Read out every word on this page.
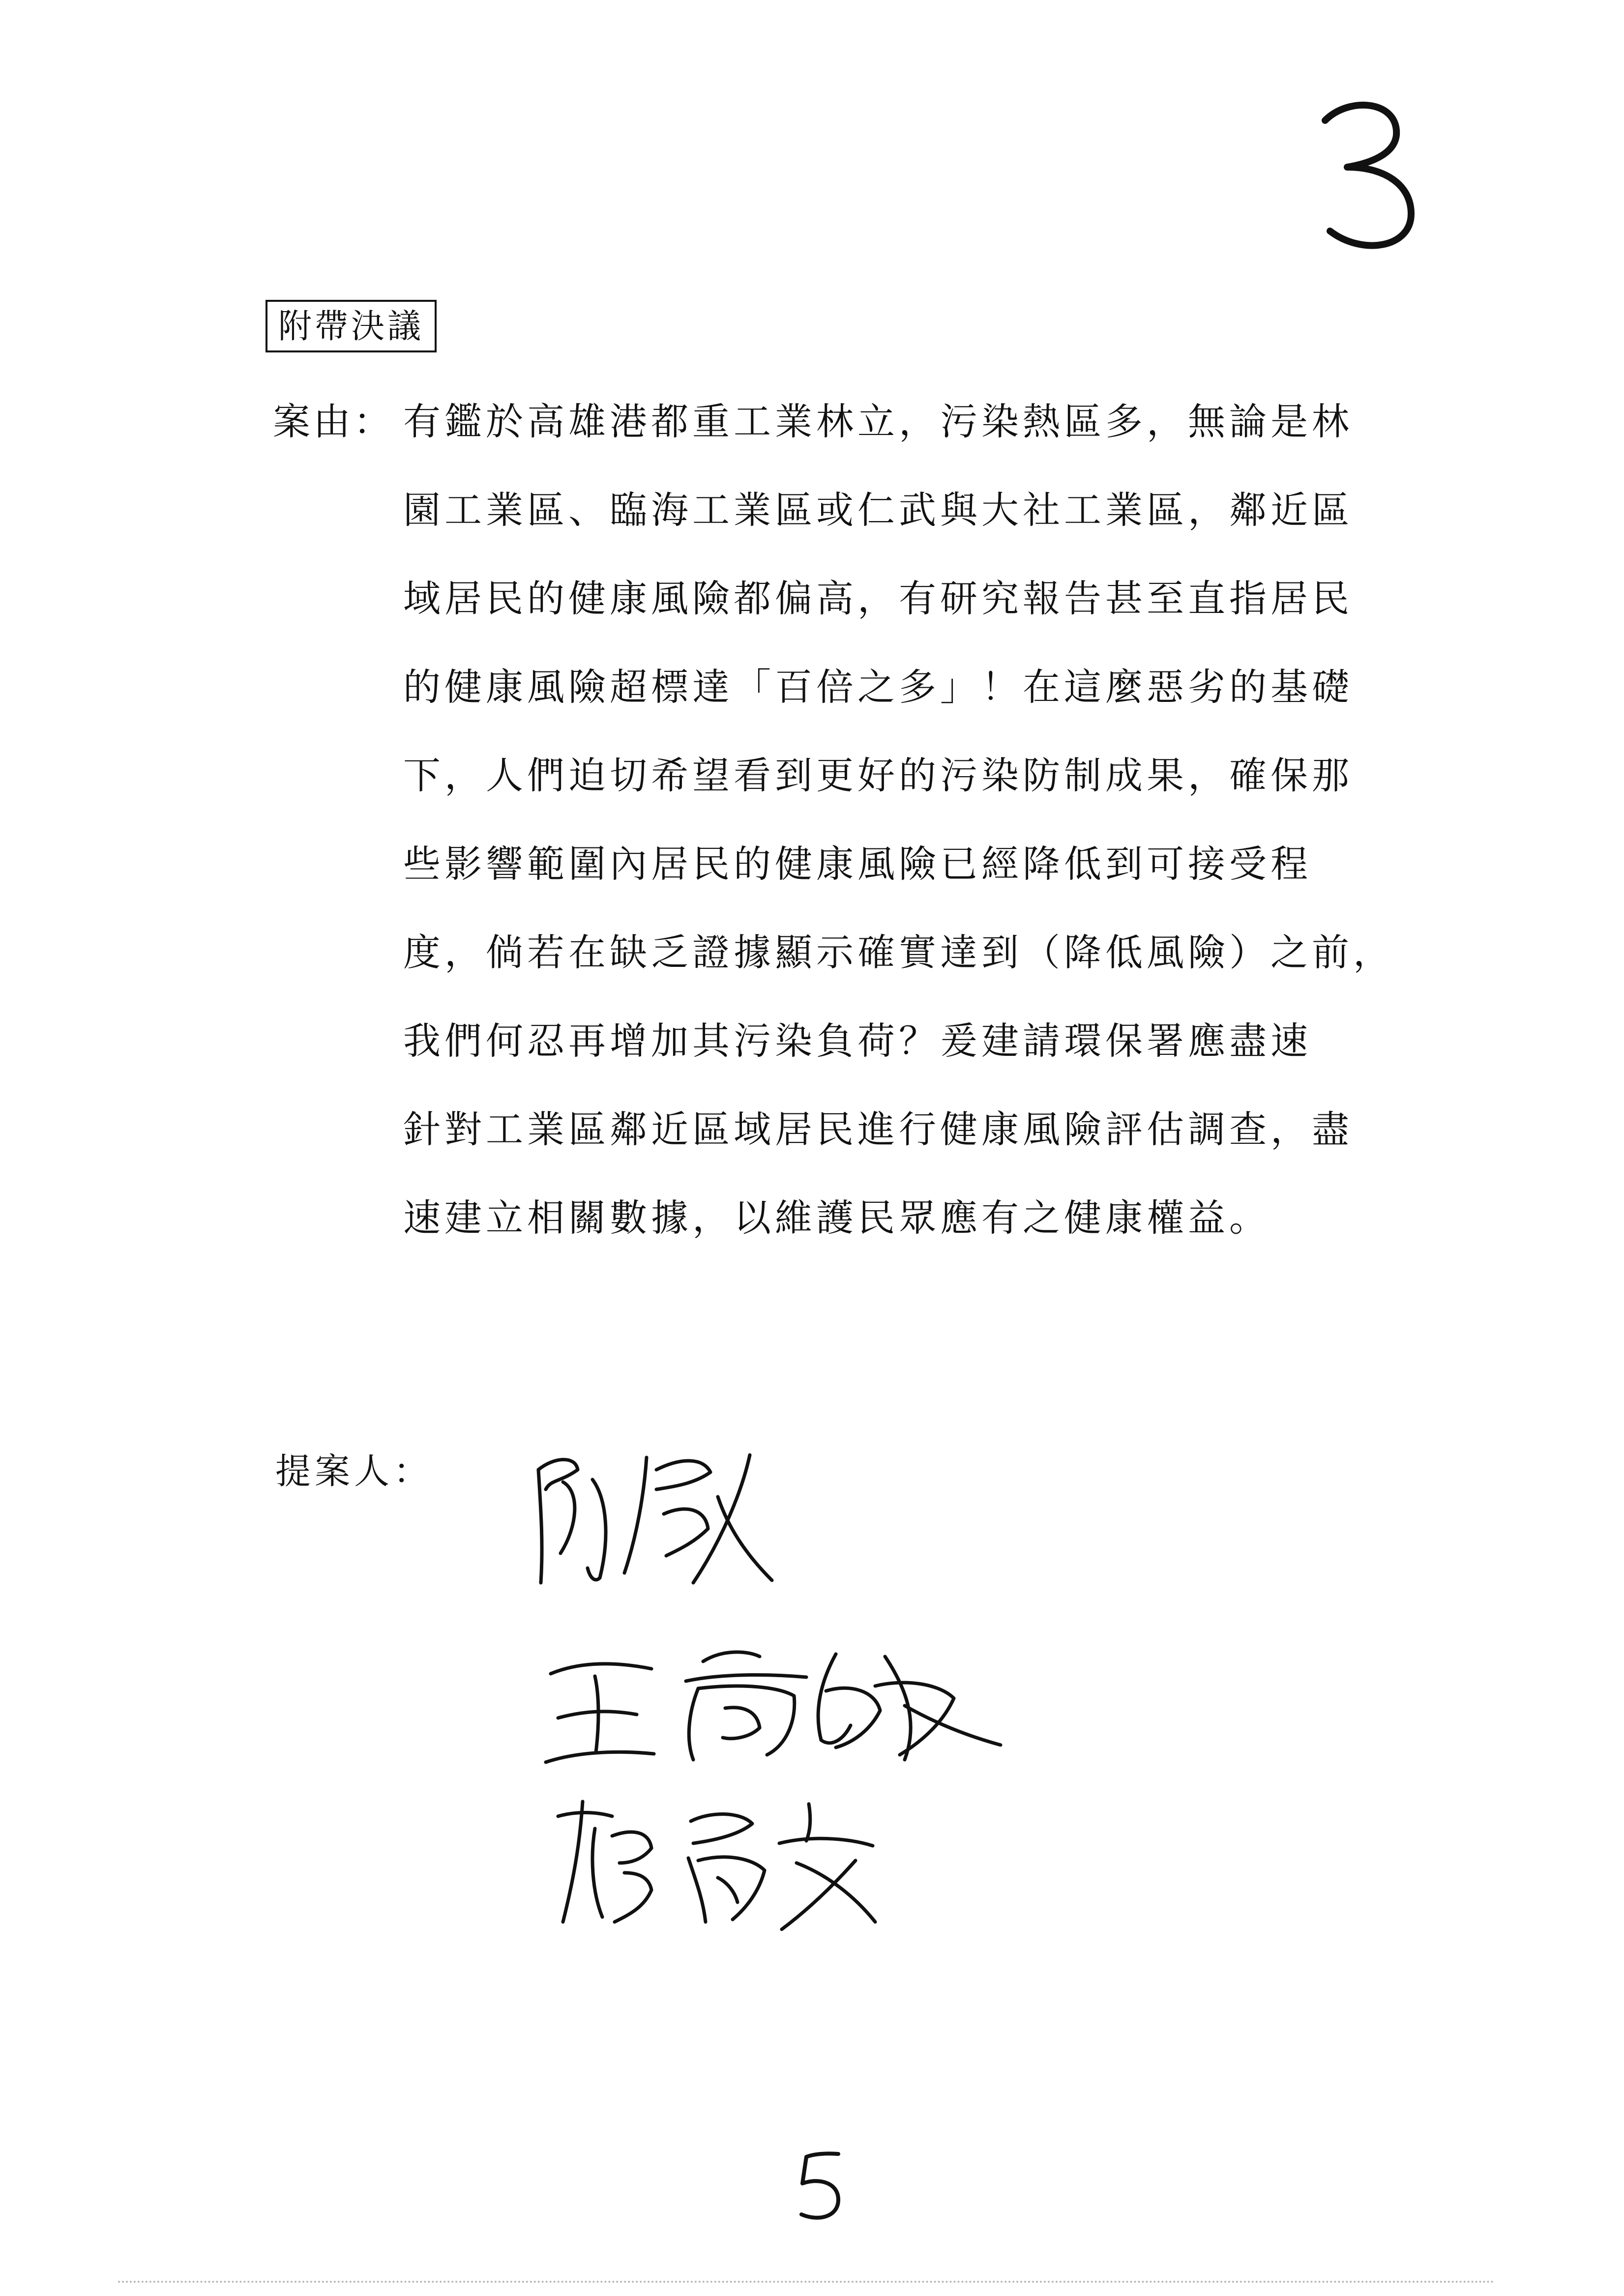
附帶決議
案由： 有鑑於高雄港都重工業林立，污染熱區多，無論是林
園工業區、臨海工業區或仁武與大社工業區，鄰近區
域居民的健康風險都偏高，有研究報告甚至直指居民
的健康風險超標達「百倍之多」！在這麼惡劣的基礎
下，人們迫切希望看到更好的污染防制成果，確保那
些影響範圍內居民的健康風險已經降低到可接受程
度，倘若在缺乏證據顯示確實達到（降低風險）之前，
我們何忍再增加其污染負荷？爰建請環保署應盡速
針對工業區鄰近區域居民進行健康風險評估調查，盡
速建立相關數據，以維護民眾應有之健康權益。
提案人：
